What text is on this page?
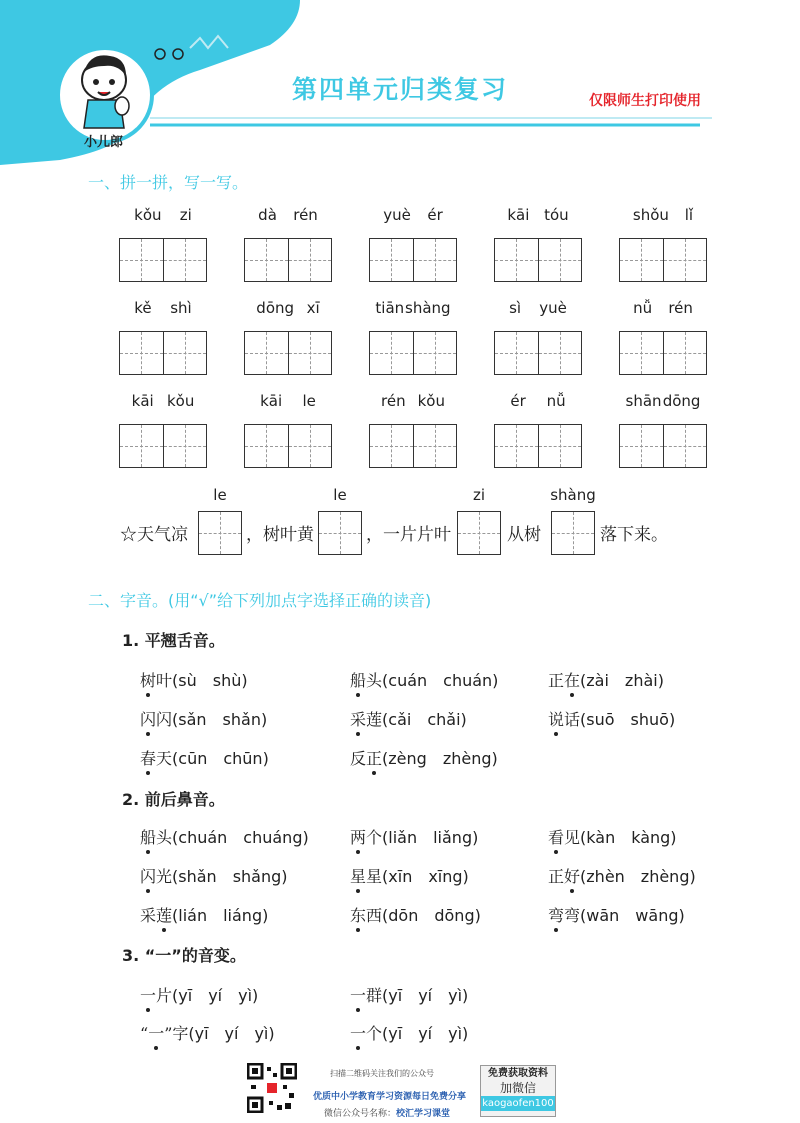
第四单元归类复习	仅限师生打印使用
小儿郎
一、拼一拼，写一写。
kǒu zi	dà rén	yuè ér	kāi tóu	shǒu lǐ
kě shì	dōng xī	tiān shàng	sì yuè	nǚ rén
kāi kǒu	kāi le	rén kǒu	ér nǚ	shān dōng
☆天气凉
le
，树叶黄
le
，一片片叶
zi
从树
shàng
落下来。
二、字音。(用“√”给下列加点字选择正确的读音)
1. 平翘舌音。
树叶(sù　shù)	船头(cuán　chuán)	正在(zài　zhài)
闪闪(sǎn　shǎn)	采莲(cǎi　chǎi)	说话(suō　shuō)
春天(cūn　chūn)	反正(zèng　zhèng)
2. 前后鼻音。
船头(chuán　chuáng)	两个(liǎn　liǎng)	看见(kàn　kàng)
闪光(shǎn　shǎng)	星星(xīn　xīng)	正好(zhèn　zhèng)
采莲(lián　liáng)	东西(dōn　dōng)	弯弯(wān　wāng)
3. “一”的音变。
一片(yī　yí　yì)	一群(yī　yí　yì)
“一”字(yī　yí　yì)	一个(yī　yí　yì)
扫描二维码关注我们的公众号
优质中小学教育学习资源每日免费分享
微信公众号名称：校汇学习课堂
免费获取资料
加微信
kaogaofen100
